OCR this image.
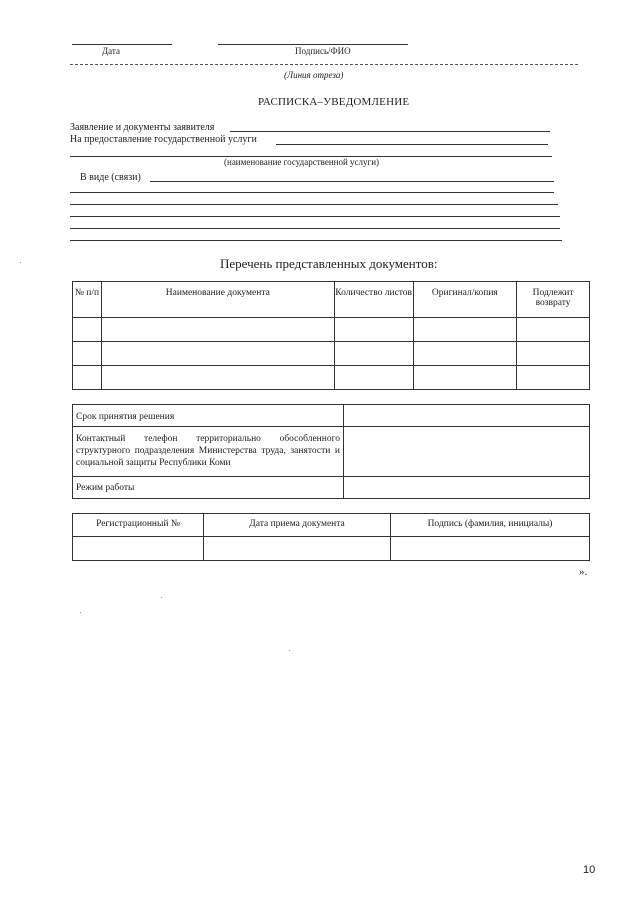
Дата	Подпись/ФИО
(Линия отреза)
РАСПИСКА–УВЕДОМЛЕНИЕ
Заявление и документы заявителя
На предоставление государственной услуги
(наименование государственной услуги)
В виде (связи)
Перечень представленных документов:
№ п/п	Наименование документа	Количество листов	Оригинал/копия	Подлежит возврату

Срок принятия решения	
Контактный телефон территориально обособленного структурного подразделения Министерства труда, занятости и социальной защиты Республики Коми	
Режим работы	
Регистрационный №	Дата приема документа	Подпись (фамилия, инициалы)

».
10
